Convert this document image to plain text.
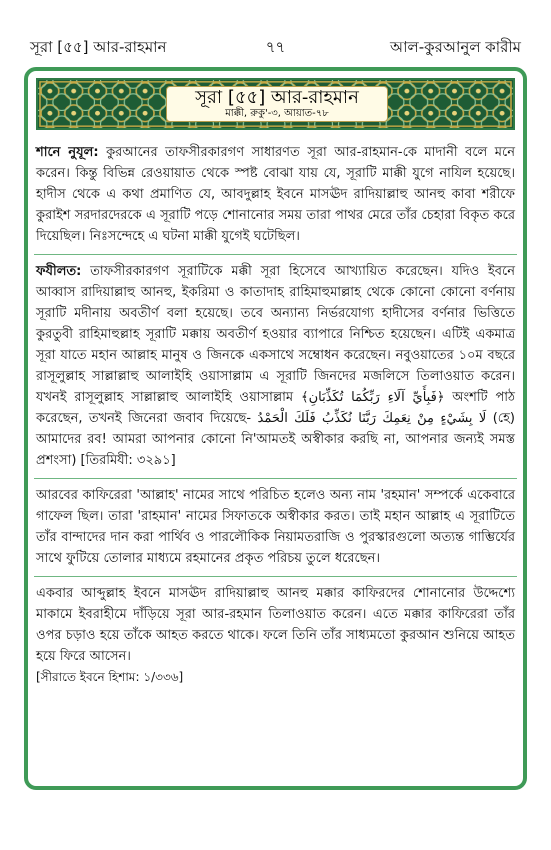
সূরা [৫৫] আর-রাহমান	৭৭	আল-কুরআনুল কারীম
সূরা [৫৫] আর-রাহমান
মাক্কী, রুকু'-৩, আয়াত-৭৮
শানে নুযূল: কুরআনের তাফসীরকারগণ সাধারণত সূরা আর-রাহমান-কে মাদানী বলে মনে করেন। কিন্তু বিভিন্ন রেওয়ায়াত থেকে স্পষ্ট বোঝা যায় যে, সূরাটি মাক্কী যুগে নাযিল হয়েছে। হাদীস থেকে এ কথা প্রমাণিত যে, আবদুল্লাহ ইবনে মাসঊদ রাদিয়াল্লাহু আনহু কাবা শরীফে কুরাইশ সরদারদেরকে এ সূরাটি পড়ে শোনানোর সময় তারা পাথর মেরে তাঁর চেহারা বিকৃত করে দিয়েছিল। নিঃসন্দেহে এ ঘটনা মাক্কী যুগেই ঘটেছিল।
ফযীলত: তাফসীরকারগণ সূরাটিকে মক্কী সূরা হিসেবে আখ্যায়িত করেছেন। যদিও ইবনে আব্বাস রাদিয়াল্লাহু আনহু, ইকরিমা ও কাতাদাহ রাহিমাহুমাল্লাহ থেকে কোনো কোনো বর্ণনায় সূরাটি মদীনায় অবতীর্ণ বলা হয়েছে। তবে অন্যান্য নির্ভরযোগ্য হাদীসের বর্ণনার ভিত্তিতে কুরতুবী রাহিমাহুল্লাহ সূরাটি মক্কায় অবতীর্ণ হওয়ার ব্যাপারে নিশ্চিত হয়েছেন। এটিই একমাত্র সূরা যাতে মহান আল্লাহ মানুষ ও জিনকে একসাথে সম্বোধন করেছেন। নবুওয়াতের ১০ম বছরে রাসূলুল্লাহ সাল্লাল্লাহু আলাইহি ওয়াসাল্লাম এ সূরাটি জিনদের মজলিসে তিলাওয়াত করেন। যখনই রাসূলুল্লাহ সাল্লাল্লাহু আলাইহি ওয়াসাল্লাম ﴿فَبِأَيِّ آلَاءِ رَبِّكُمَا تُكَذِّبَانِ﴾ অংশটি পাঠ করেছেন, তখনই জিনেরা জবাব দিয়েছে- لَا بِشَيْءٍ مِنْ نِعَمِكَ رَبَّنَا نُكَذِّبُ فَلَكَ الْحَمْدُ (হে) আমাদের রব! আমরা আপনার কোনো নি'আমতই অস্বীকার করছি না, আপনার জন্যই সমস্ত প্রশংসা) [তিরমিযী: ৩২৯১]
আরবের কাফিরেরা 'আল্লাহ' নামের সাথে পরিচিত হলেও অন্য নাম 'রহমান' সম্পর্কে একেবারে গাফেল ছিল। তারা 'রাহমান' নামের সিফাতকে অস্বীকার করত। তাই মহান আল্লাহ এ সূরাটিতে তাঁর বান্দাদের দান করা পার্থিব ও পারলৌকিক নিয়ামতরাজি ও পুরস্কারগুলো অত্যন্ত গাম্ভির্যের সাথে ফুটিয়ে তোলার মাধ্যমে রহমানের প্রকৃত পরিচয় তুলে ধরেছেন।
একবার আব্দুল্লাহ ইবনে মাসঊদ রাদিয়াল্লাহু আনহু মক্কার কাফিরদের শোনানোর উদ্দেশ্যে মাকামে ইবরাহীমে দাঁড়িয়ে সূরা আর-রহমান তিলাওয়াত করেন। এতে মক্কার কাফিরেরা তাঁর ওপর চড়াও হয়ে তাঁকে আহত করতে থাকে। ফলে তিনি তাঁর সাধ্যমতো কুরআন শুনিয়ে আহত হয়ে ফিরে আসেন।
[সীরাতে ইবনে হিশাম: ১/৩৩৬]
